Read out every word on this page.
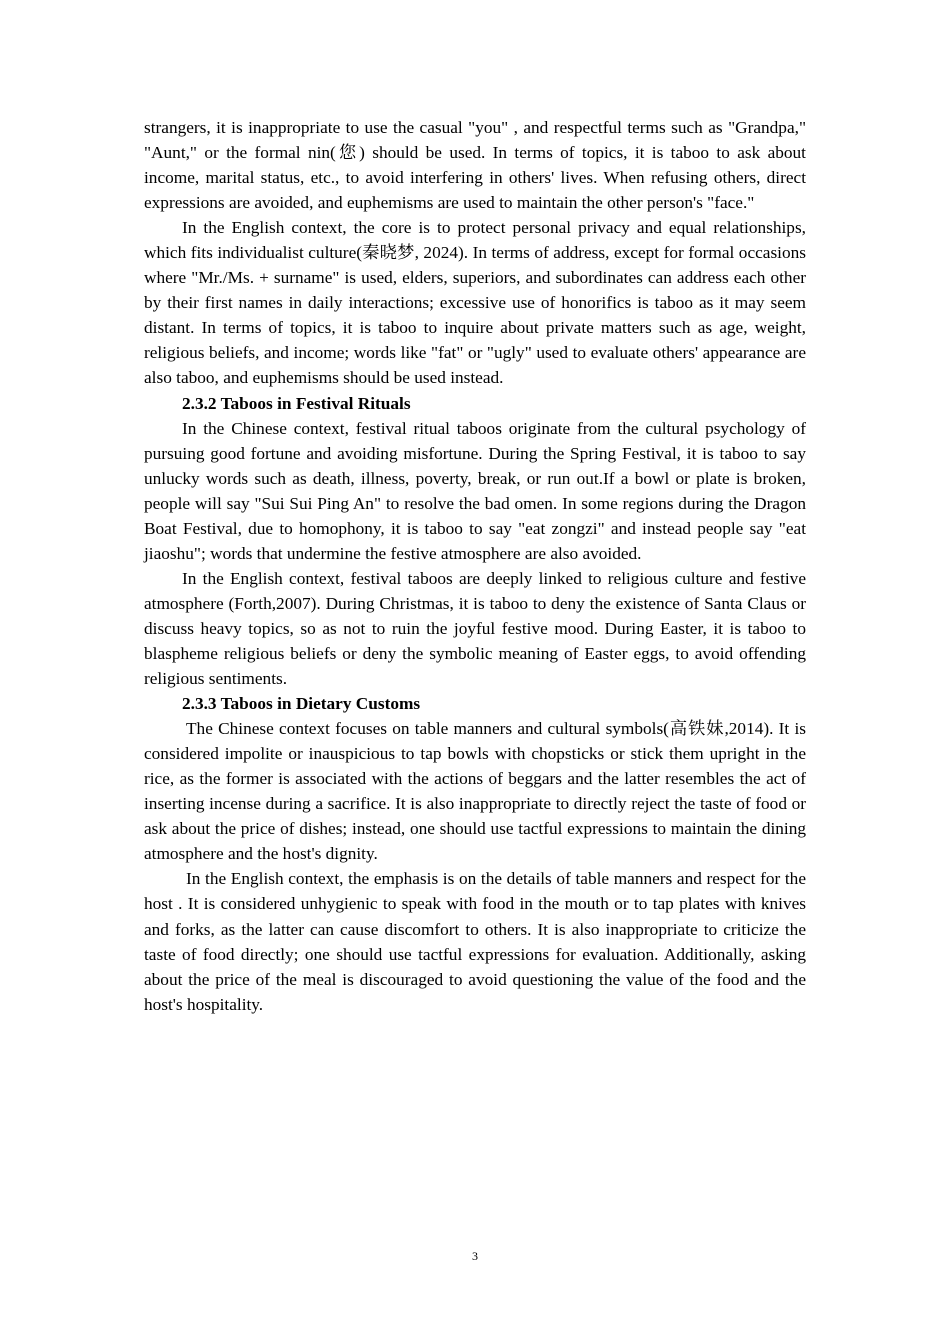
strangers, it is inappropriate to use the casual "you" , and respectful terms such as "Grandpa," "Aunt," or the formal nin(您) should be used. In terms of topics, it is taboo to ask about income, marital status, etc., to avoid interfering in others' lives. When refusing others, direct expressions are avoided, and euphemisms are used to maintain the other person's "face."

In the English context, the core is to protect personal privacy and equal relationships, which fits individualist culture(秦晓梦, 2024). In terms of address, except for formal occasions where "Mr./Ms. + surname" is used, elders, superiors, and subordinates can address each other by their first names in daily interactions; excessive use of honorifics is taboo as it may seem distant. In terms of topics, it is taboo to inquire about private matters such as age, weight, religious beliefs, and income; words like "fat" or "ugly" used to evaluate others' appearance are also taboo, and euphemisms should be used instead.

2.3.2 Taboos in Festival Rituals

In the Chinese context, festival ritual taboos originate from the cultural psychology of pursuing good fortune and avoiding misfortune. During the Spring Festival, it is taboo to say unlucky words such as death, illness, poverty, break, or run out.If a bowl or plate is broken, people will say "Sui Sui Ping An" to resolve the bad omen. In some regions during the Dragon Boat Festival, due to homophony, it is taboo to say "eat zongzi" and instead people say "eat jiaoshu"; words that undermine the festive atmosphere are also avoided.

In the English context, festival taboos are deeply linked to religious culture and festive atmosphere (Forth,2007). During Christmas, it is taboo to deny the existence of Santa Claus or discuss heavy topics, so as not to ruin the joyful festive mood. During Easter, it is taboo to blaspheme religious beliefs or deny the symbolic meaning of Easter eggs, to avoid offending religious sentiments.

2.3.3 Taboos in Dietary Customs

The Chinese context focuses on table manners and cultural symbols(高铁妹,2014). It is considered impolite or inauspicious to tap bowls with chopsticks or stick them upright in the rice, as the former is associated with the actions of beggars and the latter resembles the act of inserting incense during a sacrifice. It is also inappropriate to directly reject the taste of food or ask about the price of dishes; instead, one should use tactful expressions to maintain the dining atmosphere and the host's dignity.

In the English context, the emphasis is on the details of table manners and respect for the host . It is considered unhygienic to speak with food in the mouth or to tap plates with knives and forks, as the latter can cause discomfort to others. It is also inappropriate to criticize the taste of food directly; one should use tactful expressions for evaluation. Additionally, asking about the price of the meal is discouraged to avoid questioning the value of the food and the host's hospitality.

3
